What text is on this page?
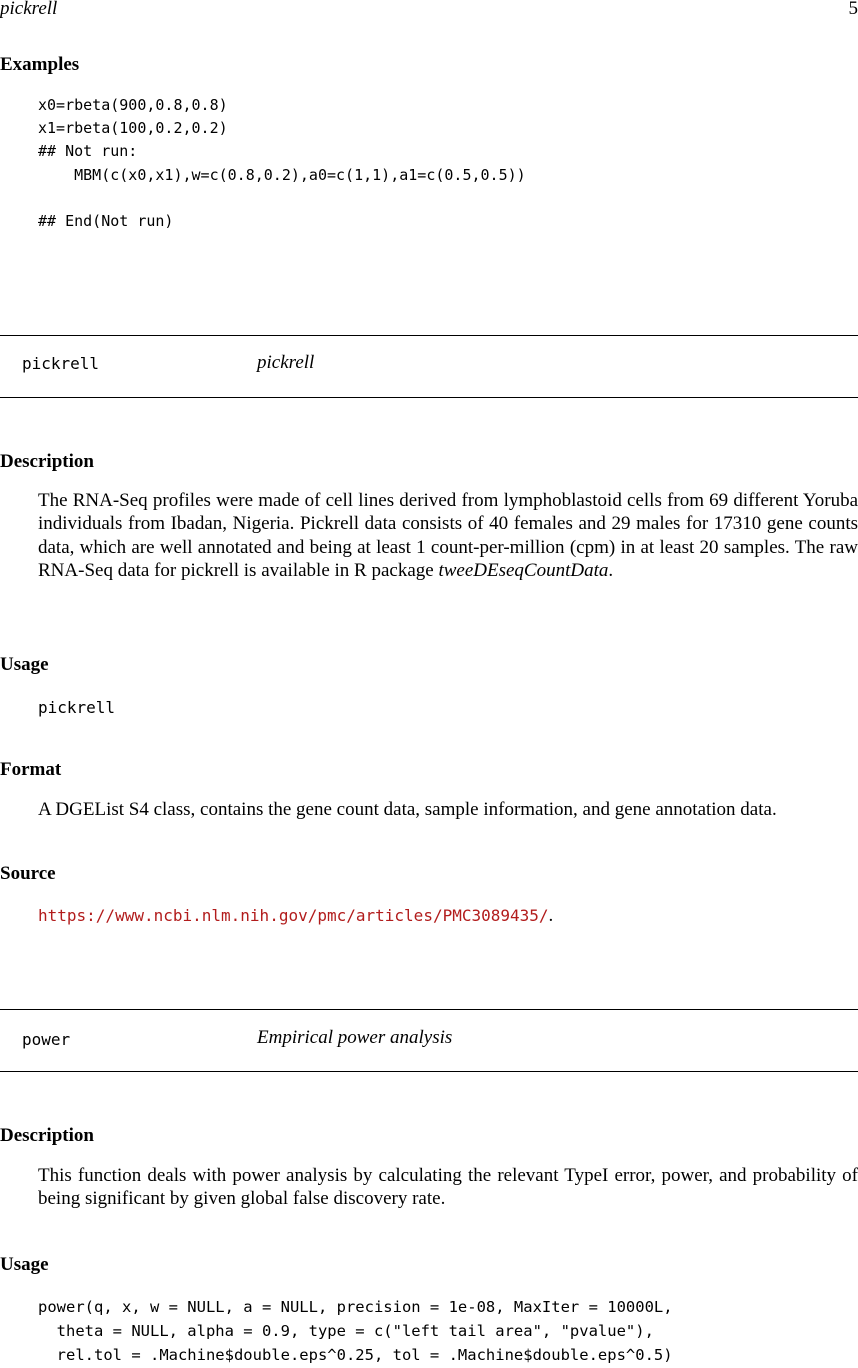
pickrell	5
Examples
x0=rbeta(900,0.8,0.8)
x1=rbeta(100,0.2,0.2)
## Not run:
MBM(c(x0,x1),w=c(0.8,0.2),a0=c(1,1),a1=c(0.5,0.5))

## End(Not run)
pickrell	pickrell
Description
The RNA-Seq profiles were made of cell lines derived from lymphoblastoid cells from 69 different Yoruba individuals from Ibadan, Nigeria. Pickrell data consists of 40 females and 29 males for 17310 gene counts data, which are well annotated and being at least 1 count-per-million (cpm) in at least 20 samples. The raw RNA-Seq data for pickrell is available in R package tweeDEseqCountData.
Usage
pickrell
Format
A DGEList S4 class, contains the gene count data, sample information, and gene annotation data.
Source
https://www.ncbi.nlm.nih.gov/pmc/articles/PMC3089435/.
power	Empirical power analysis
Description
This function deals with power analysis by calculating the relevant TypeI error, power, and probability of being significant by given global false discovery rate.
Usage
power(q, x, w = NULL, a = NULL, precision = 1e-08, MaxIter = 10000L,
theta = NULL, alpha = 0.9, type = c("left tail area", "pvalue"),
rel.tol = .Machine$double.eps^0.25, tol = .Machine$double.eps^0.5)
